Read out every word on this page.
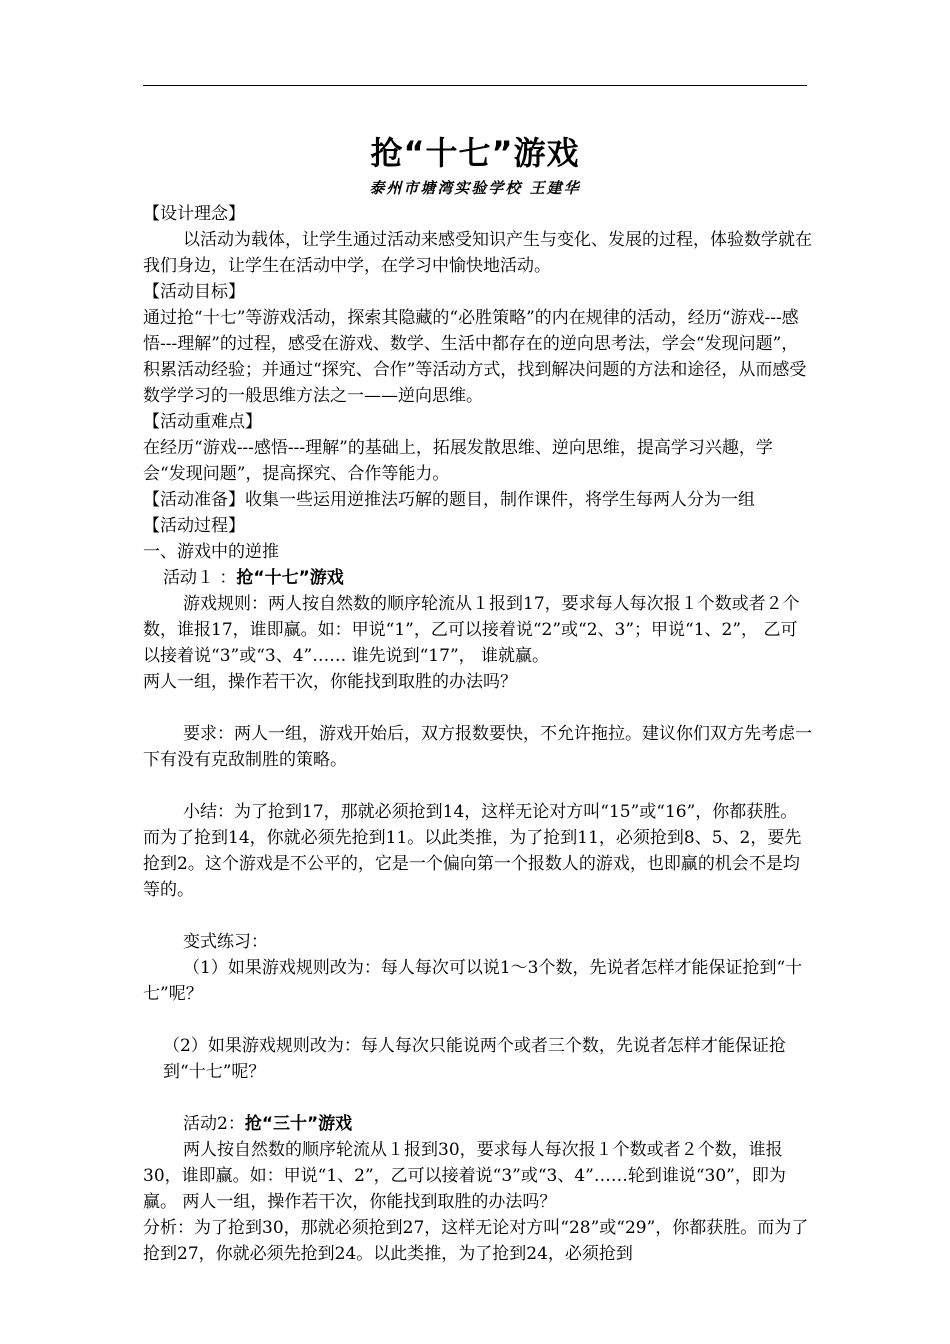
抢“十七”游戏
泰州市塘湾实验学校 王建华

【设计理念】

以活动为载体，让学生通过活动来感受知识产生与变化、发展的过程，体验数学就在我们身边，让学生在活动中学，在学习中愉快地活动。

【活动目标】

通过抢“十七”等游戏活动，探索其隐藏的“必胜策略”的内在规律的活动，经历“游戏---感悟---理解”的过程，感受在游戏、数学、生活中都存在的逆向思考法，学会“发现问题”，积累活动经验；并通过“探究、合作”等活动方式，找到解决问题的方法和途径，从而感受数学学习的一般思维方法之一——逆向思维。

【活动重难点】

在经历“游戏---感悟---理解”的基础上，拓展发散思维、逆向思维，提高学习兴趣，学会“发现问题”，提高探究、合作等能力。

【活动准备】收集一些运用逆推法巧解的题目，制作课件，将学生每两人分为一组

【活动过程】

一、游戏中的逆推

活动１ ：抢“十七”游戏

游戏规则：两人按自然数的顺序轮流从１报到17，要求每人每次报１个数或者２个数，谁报17，谁即赢。如：甲说“1”，乙可以接着说“2”或“2、3”；甲说“1、2”， 乙可以接着说“3”或“3、4”…… 谁先说到“17”， 谁就赢。

两人一组，操作若干次，你能找到取胜的办法吗？

要求：两人一组，游戏开始后，双方报数要快，不允许拖拉。建议你们双方先考虑一下有没有克敌制胜的策略。

小结：为了抢到17，那就必须抢到14，这样无论对方叫“15”或“16”，你都获胜。而为了抢到14，你就必须先抢到11。以此类推，为了抢到11，必须抢到8、5、2，要先抢到2。这个游戏是不公平的，它是一个偏向第一个报数人的游戏，也即赢的机会不是均等的。

变式练习：

（1）如果游戏规则改为：每人每次可以说1～3个数，先说者怎样才能保证抢到“十七”呢？

（2）如果游戏规则改为：每人每次只能说两个或者三个数，先说者怎样才能保证抢到“十七”呢？

活动2：抢“三十”游戏

两人按自然数的顺序轮流从１报到30，要求每人每次报１个数或者２个数，谁报30，谁即赢。如：甲说“1、2”，乙可以接着说“3”或“3、4”……轮到谁说“30”，即为赢。 两人一组，操作若干次，你能找到取胜的办法吗？

分析：为了抢到30，那就必须抢到27，这样无论对方叫“28”或“29”，你都获胜。而为了抢到27，你就必须先抢到24。以此类推，为了抢到24，必须抢到
